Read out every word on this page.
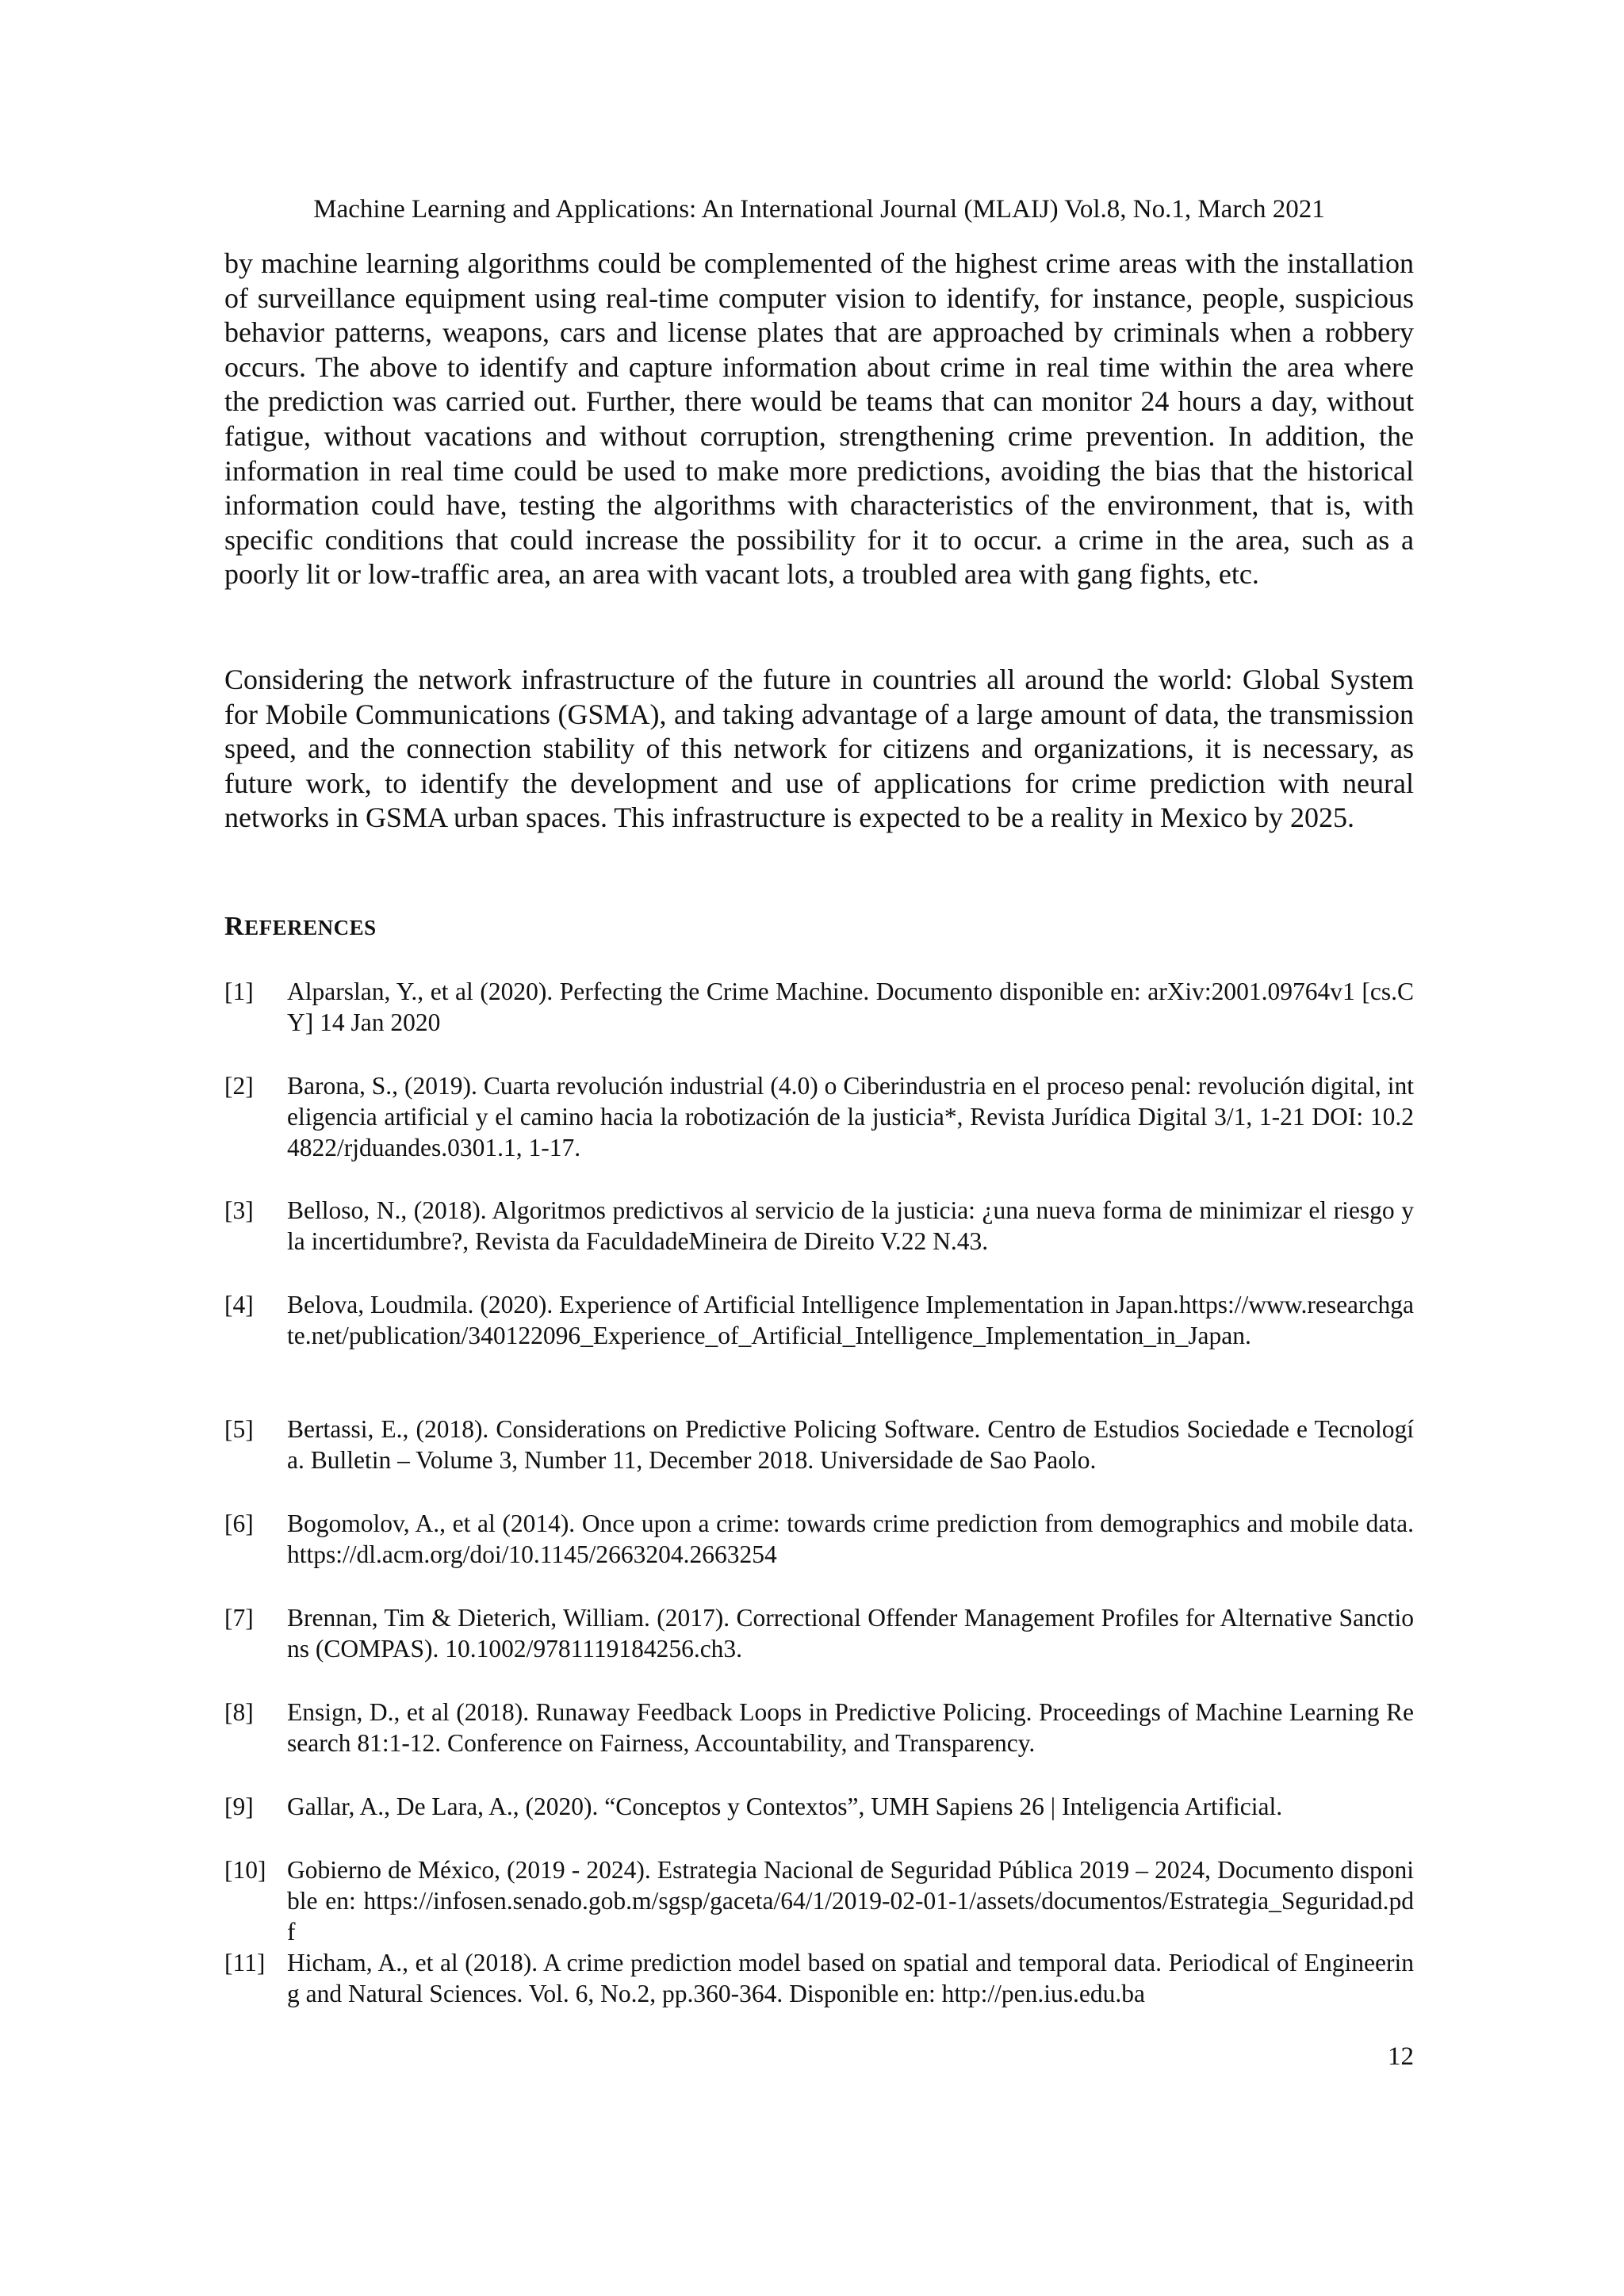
Machine Learning and Applications: An International Journal (MLAIJ) Vol.8, No.1, March 2021
by machine learning algorithms could be complemented of the highest crime areas with the installation of surveillance equipment using real-time computer vision to identify, for instance, people, suspicious behavior patterns, weapons, cars and license plates that are approached by criminals when a robbery occurs. The above to identify and capture information about crime in real time within the area where the prediction was carried out. Further, there would be teams that can monitor 24 hours a day, without fatigue, without vacations and without corruption, strengthening crime prevention. In addition, the information in real time could be used to make more predictions, avoiding the bias that the historical information could have, testing the algorithms with characteristics of the environment, that is, with specific conditions that could increase the possibility for it to occur. a crime in the area, such as a poorly lit or low-traffic area, an area with vacant lots, a troubled area with gang fights, etc.
Considering the network infrastructure of the future in countries all around the world: Global System for Mobile Communications (GSMA), and taking advantage of a large amount of data, the transmission speed, and the connection stability of this network for citizens and organizations, it is necessary, as future work, to identify the development and use of applications for crime prediction with neural networks in GSMA urban spaces. This infrastructure is expected to be a reality in Mexico by 2025.
REFERENCES
[1] Alparslan, Y., et al (2020). Perfecting the Crime Machine. Documento disponible en: arXiv:2001.09764v1 [cs.CY] 14 Jan 2020
[2] Barona, S., (2019). Cuarta revolución industrial (4.0) o Ciberindustria en el proceso penal: revolución digital, inteligencia artificial y el camino hacia la robotización de la justicia*, Revista Jurídica Digital 3/1, 1-21 DOI: 10.24822/rjduandes.0301.1, 1-17.
[3] Belloso, N., (2018). Algoritmos predictivos al servicio de la justicia: ¿una nueva forma de minimizar el riesgo y la incertidumbre?, Revista da FaculdadeMineira de Direito V.22 N.43.
[4] Belova, Loudmila. (2020). Experience of Artificial Intelligence Implementation in Japan.https://www.researchgate.net/publication/340122096_Experience_of_Artificial_Intelligence_Implementation_in_Japan.
[5] Bertassi, E., (2018). Considerations on Predictive Policing Software. Centro de Estudios Sociedade e Tecnología. Bulletin – Volume 3, Number 11, December 2018. Universidade de Sao Paolo.
[6] Bogomolov, A., et al (2014). Once upon a crime: towards crime prediction from demographics and mobile data. https://dl.acm.org/doi/10.1145/2663204.2663254
[7] Brennan, Tim & Dieterich, William. (2017). Correctional Offender Management Profiles for Alternative Sanctions (COMPAS). 10.1002/9781119184256.ch3.
[8] Ensign, D., et al (2018). Runaway Feedback Loops in Predictive Policing. Proceedings of Machine Learning Research 81:1-12. Conference on Fairness, Accountability, and Transparency.
[9] Gallar, A., De Lara, A., (2020). “Conceptos y Contextos”, UMH Sapiens 26 | Inteligencia Artificial.
[10] Gobierno de México, (2019 - 2024). Estrategia Nacional de Seguridad Pública 2019 – 2024, Documento disponible en: https://infosen.senado.gob.m/sgsp/gaceta/64/1/2019-02-01-1/assets/documentos/Estrategia_Seguridad.pdf
[11] Hicham, A., et al (2018). A crime prediction model based on spatial and temporal data. Periodical of Engineering and Natural Sciences. Vol. 6, No.2, pp.360-364. Disponible en: http://pen.ius.edu.ba
12
